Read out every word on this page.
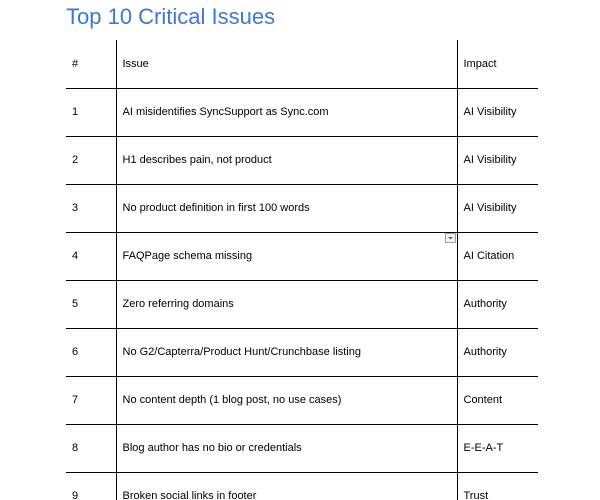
Top 10 Critical Issues
#	Issue	Impact
1	AI misidentifies SyncSupport as Sync.com	AI Visibility
2	H1 describes pain, not product	AI Visibility
3	No product definition in first 100 words	AI Visibility
4	FAQPage schema missing	AI Citation
5	Zero referring domains	Authority
6	No G2/Capterra/Product Hunt/Crunchbase listing	Authority
7	No content depth (1 blog post, no use cases)	Content
8	Blog author has no bio or credentials	E-E-A-T
9	Broken social links in footer	Trust
